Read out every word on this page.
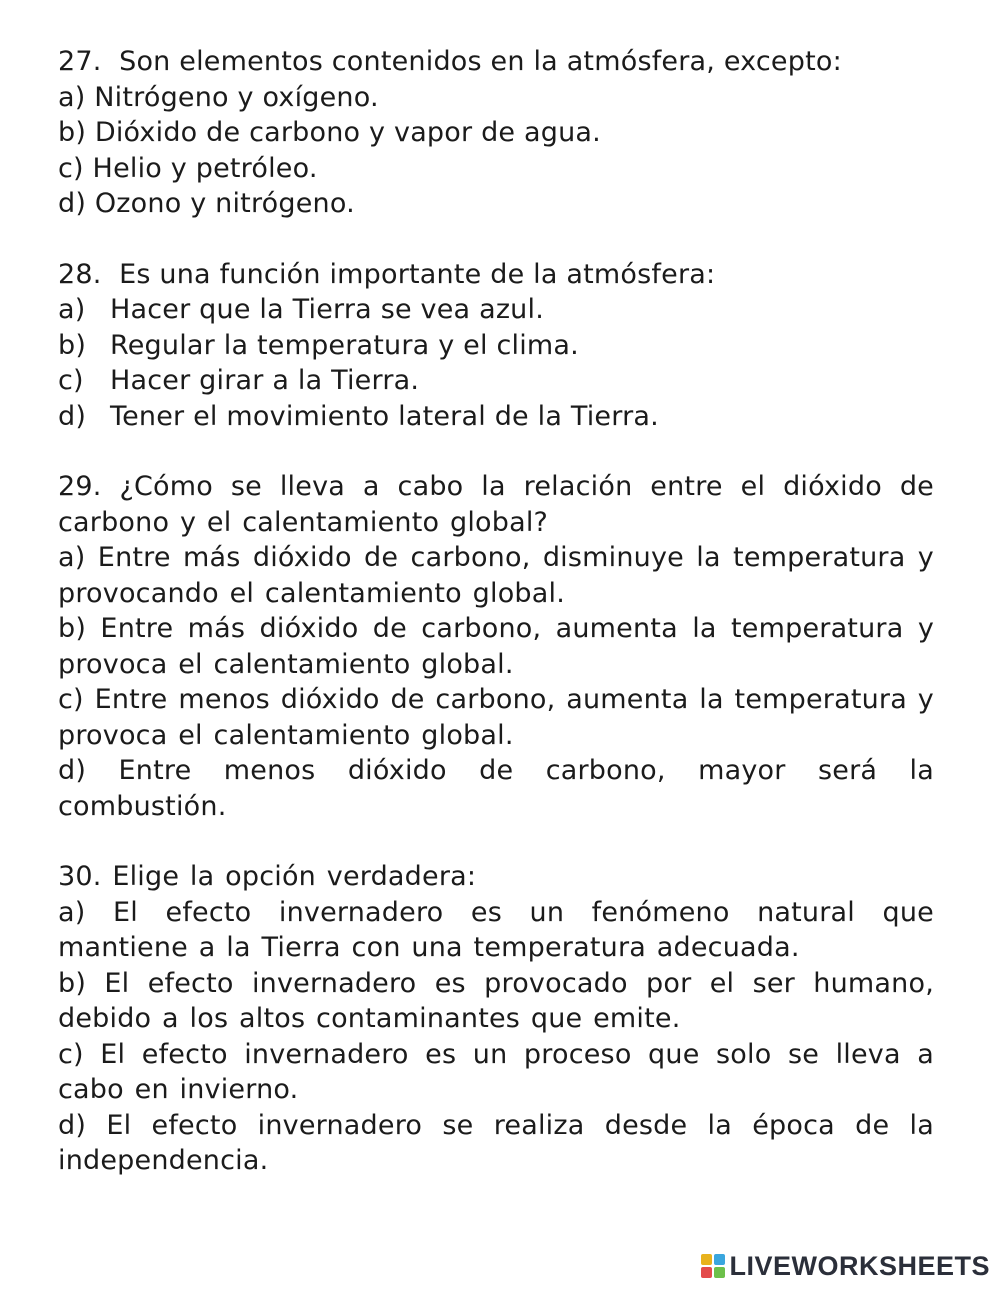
27.  Son elementos contenidos en la atmósfera, excepto:
a) Nitrógeno y oxígeno.
b) Dióxido de carbono y vapor de agua.
c) Helio y petróleo.
d) Ozono y nitrógeno.
28.  Es una función importante de la atmósfera:
a) Hacer que la Tierra se vea azul.
b) Regular la temperatura y el clima.
c) Hacer girar a la Tierra.
d) Tener el movimiento lateral de la Tierra.
29. ¿Cómo se lleva a cabo la relación entre el dióxido de carbono y el calentamiento global?
a) Entre más dióxido de carbono, disminuye la temperatura y provocando el calentamiento global.
b) Entre más dióxido de carbono, aumenta la temperatura y provoca el calentamiento global.
c) Entre menos dióxido de carbono, aumenta la temperatura y provoca el calentamiento global.
d) Entre menos dióxido de carbono, mayor será la combustión.
30. Elige la opción verdadera:
a) El efecto invernadero es un fenómeno natural que mantiene a la Tierra con una temperatura adecuada.
b) El efecto invernadero es provocado por el ser humano, debido a los altos contaminantes que emite.
c) El efecto invernadero es un proceso que solo se lleva a cabo en invierno.
d) El efecto invernadero se realiza desde la época de la independencia.
LIVEWORKSHEETS
